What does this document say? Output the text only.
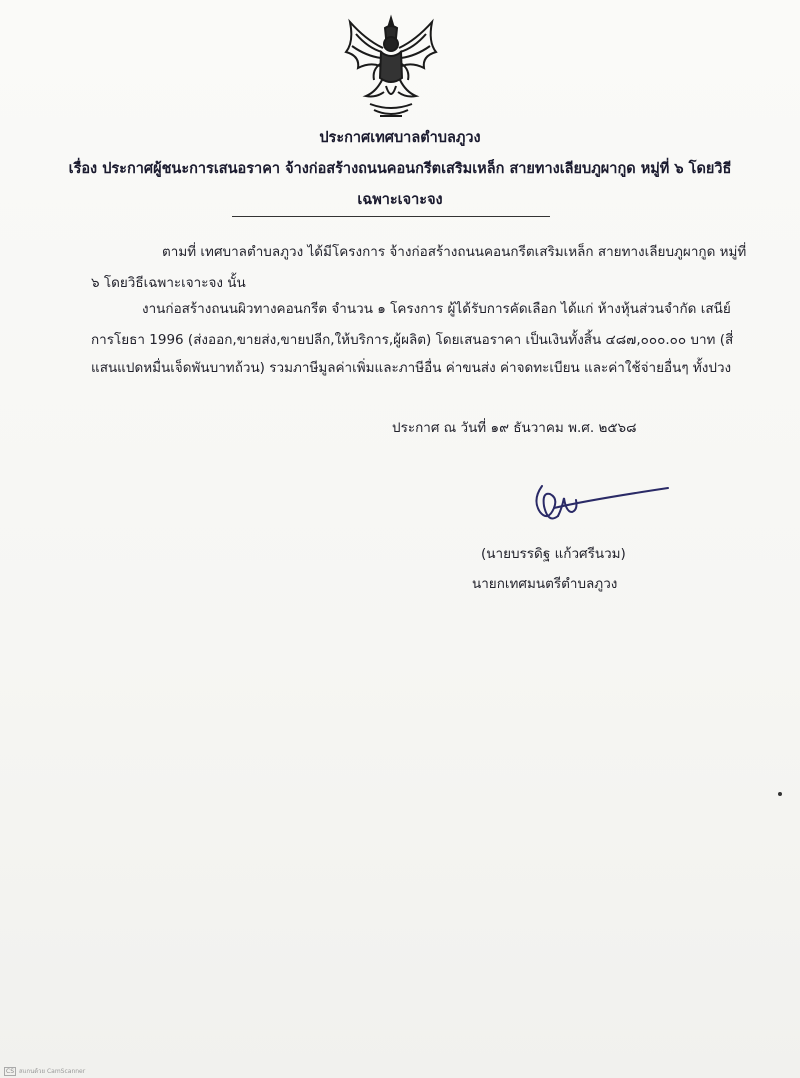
ประกาศเทศบาลตำบลภูวง
เรื่อง ประกาศผู้ชนะการเสนอราคา จ้างก่อสร้างถนนคอนกรีตเสริมเหล็ก สายทางเลียบภูผากูด หมู่ที่ ๖ โดยวิธี
เฉพาะเจาะจง
ตามที่ เทศบาลตำบลภูวง ได้มีโครงการ จ้างก่อสร้างถนนคอนกรีตเสริมเหล็ก สายทางเลียบภูผากูด หมู่ที่
๖ โดยวิธีเฉพาะเจาะจง นั้น
งานก่อสร้างถนนผิวทางคอนกรีต จำนวน ๑ โครงการ ผู้ได้รับการคัดเลือก ได้แก่ ห้างหุ้นส่วนจำกัด เสนีย์
การโยธา 1996 (ส่งออก,ขายส่ง,ขายปลีก,ให้บริการ,ผู้ผลิต) โดยเสนอราคา เป็นเงินทั้งสิ้น ๔๘๗,๐๐๐.๐๐ บาท (สี่
แสนแปดหมื่นเจ็ดพันบาทถ้วน) รวมภาษีมูลค่าเพิ่มและภาษีอื่น ค่าขนส่ง ค่าจดทะเบียน และค่าใช้จ่ายอื่นๆ ทั้งปวง
ประกาศ ณ วันที่ ๑๙ ธันวาคม พ.ศ. ๒๕๖๘
(นายบรรดิฐ แก้วศรีนวม)
นายกเทศมนตรีตำบลภูวง
CS สแกนด้วย CamScanner
